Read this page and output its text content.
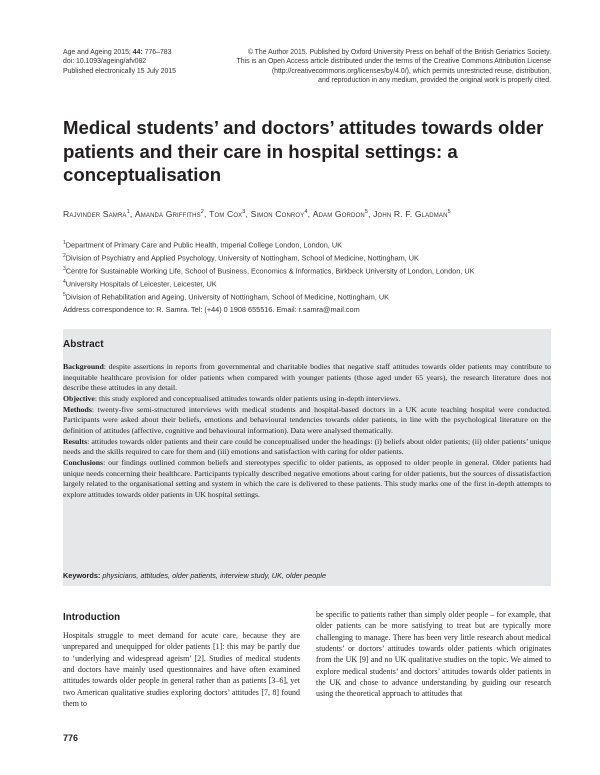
Age and Ageing 2015; 44: 776–783
doi: 10.1093/ageing/afv082
Published electronically 15 July 2015
© The Author 2015. Published by Oxford University Press on behalf of the British Geriatrics Society.
This is an Open Access article distributed under the terms of the Creative Commons Attribution License
(http://creativecommons.org/licenses/by/4.0/), which permits unrestricted reuse, distribution,
and reproduction in any medium, provided the original work is properly cited.
Medical students’ and doctors’ attitudes towards older patients and their care in hospital settings: a conceptualisation
Rajvinder Samra$^1$, Amanda Griffiths$^2$, Tom Cox$^3$, Simon Conroy$^4$, Adam Gordon$^5$, John R. F. Gladman$^5$
$^1$Department of Primary Care and Public Health, Imperial College London, London, UK
$^2$Division of Psychiatry and Applied Psychology, University of Nottingham, School of Medicine, Nottingham, UK
$^3$Centre for Sustainable Working Life, School of Business, Economics & Informatics, Birkbeck University of London, London, UK
$^4$University Hospitals of Leicester, Leicester, UK
$^5$Division of Rehabilitation and Ageing, University of Nottingham, School of Medicine, Nottingham, UK
Address correspondence to: R. Samra. Tel: (+44) 0 1908 655516. Email: r.samra@mail.com
Abstract

Background: despite assertions in reports from governmental and charitable bodies that negative staff attitudes towards older patients may contribute to inequitable healthcare provision for older patients when compared with younger patients (those aged under 65 years), the research literature does not describe these attitudes in any detail.

Objective: this study explored and conceptualised attitudes towards older patients using in-depth interviews.

Methods: twenty-five semi-structured interviews with medical students and hospital-based doctors in a UK acute teaching hospital were conducted. Participants were asked about their beliefs, emotions and behavioural tendencies towards older patients, in line with the psychological literature on the definition of attitudes (affective, cognitive and behavioural information). Data were analysed thematically.

Results: attitudes towards older patients and their care could be conceptualised under the headings: (i) beliefs about older patients; (ii) older patients’ unique needs and the skills required to care for them and (iii) emotions and satisfaction with caring for older patients.

Conclusions: our findings outlined common beliefs and stereotypes specific to older patients, as opposed to older people in general. Older patients had unique needs concerning their healthcare. Participants typically described negative emotions about caring for older patients, but the sources of dissatisfaction largely related to the organisational setting and system in which the care is delivered to these patients. This study marks one of the first in-depth attempts to explore attitudes towards older patients in UK hospital settings.

Keywords: physicians, attitudes, older patients, interview study, UK, older people
Introduction
Hospitals struggle to meet demand for acute care, because they are unprepared and unequipped for older patients [1]: this may be partly due to ‘underlying and widespread ageism’ [2]. Studies of medical students and doctors have mainly used questionnaires and have often examined attitudes towards older people in general rather than as patients [3–6], yet two American qualitative studies exploring doctors’ attitudes [7, 8] found them to
be specific to patients rather than simply older people – for example, that older patients can be more satisfying to treat but are typically more challenging to manage. There has been very little research about medical students’ or doctors’ attitudes towards older patients which originates from the UK [9] and no UK qualitative studies on the topic. We aimed to explore medical students’ and doctors’ attitudes towards older patients in the UK and chose to advance understanding by guiding our research using the theoretical approach to attitudes that
776
